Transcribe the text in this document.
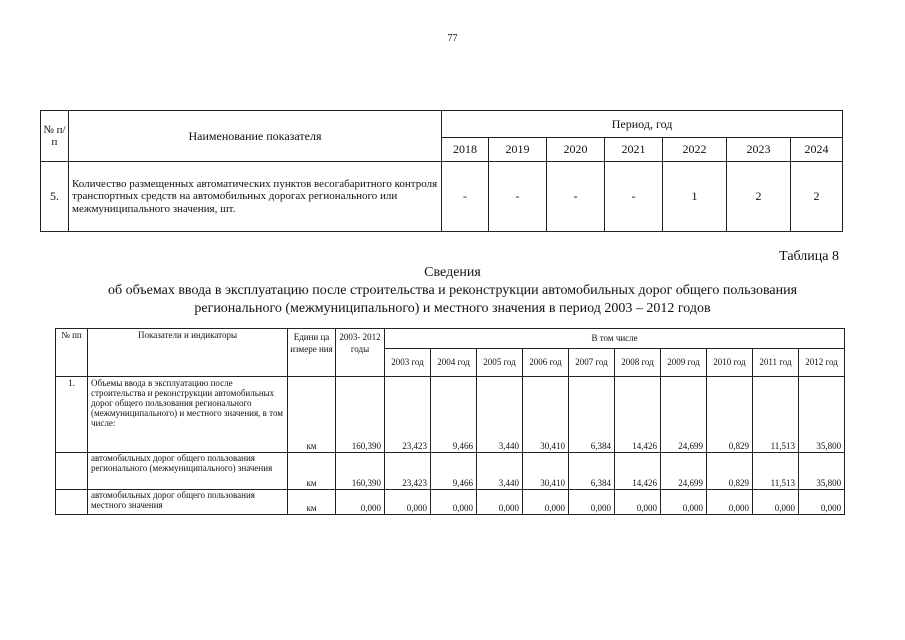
77
№ п/п	Наименование показателя	Период, год						
		2018	2019	2020	2021	2022	2023	2024
5.	Количество размещенных автоматических пунктов весогабаритного контроля транспортных средств на автомобильных дорогах регионального или межмуниципального значения, шт.	-	-	-	-	1	2	2
Таблица 8
Сведения
об объемах ввода в эксплуатацию после строительства и реконструкции автомобильных дорог общего пользования
регионального (межмуниципального) и местного значения в период 2003 – 2012 годов
№ пп	Показатели и индикаторы	Едини ца измере ния	2003- 2012 годы	В том числе									
				2003 год	2004 год	2005 год	2006 год	2007 год	2008 год	2009 год	2010 год	2011 год	2012 год
1.	Объемы ввода в эксплуатацию после строительства и реконструкции автомобильных дорог общего пользования регионального (межмуниципального) и местного значения, в том числе:	км	160,390	23,423	9,466	3,440	30,410	6,384	14,426	24,699	0,829	11,513	35,800
	автомобильных дорог общего пользования регионального (межмуниципального) значения	км	160,390	23,423	9,466	3,440	30,410	6,384	14,426	24,699	0,829	11,513	35,800
	автомобильных дорог общего пользования местного значения	км	0,000	0,000	0,000	0,000	0,000	0,000	0,000	0,000	0,000	0,000	0,000
